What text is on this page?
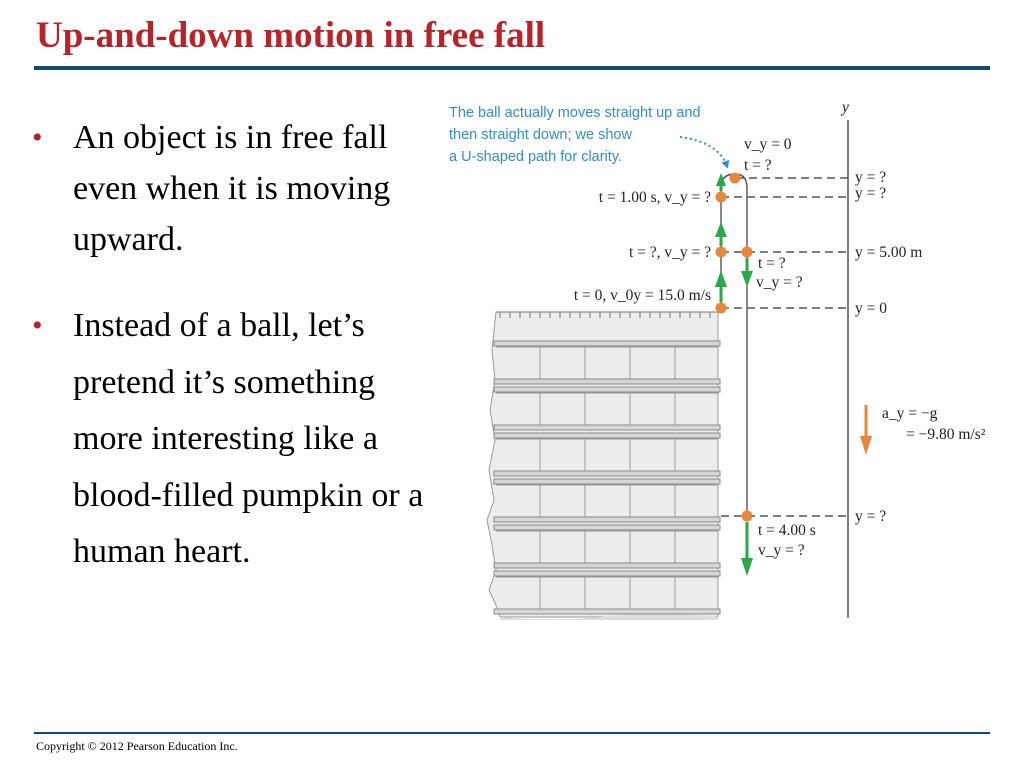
Up-and-down motion in free fall
• An object is in free fall even when it is moving upward.
• Instead of a ball, let’s pretend it’s something more interesting like a blood-filled pumpkin or a human heart.
y
The ball actually moves straight up and
then straight down; we show
a U-shaped path for clarity.
v_y = 0
t = ?
t = 1.00 s, v_y = ?
t = ?, v_y = ?
t = 0, v_0y = 15.0 m/s
t = ?
v_y = ?
t = 4.00 s
v_y = ?
y = ?
y = ?
y = 5.00 m
y = 0
y = ?
a_y = −g
= −9.80 m/s²
Copyright © 2012 Pearson Education Inc.
